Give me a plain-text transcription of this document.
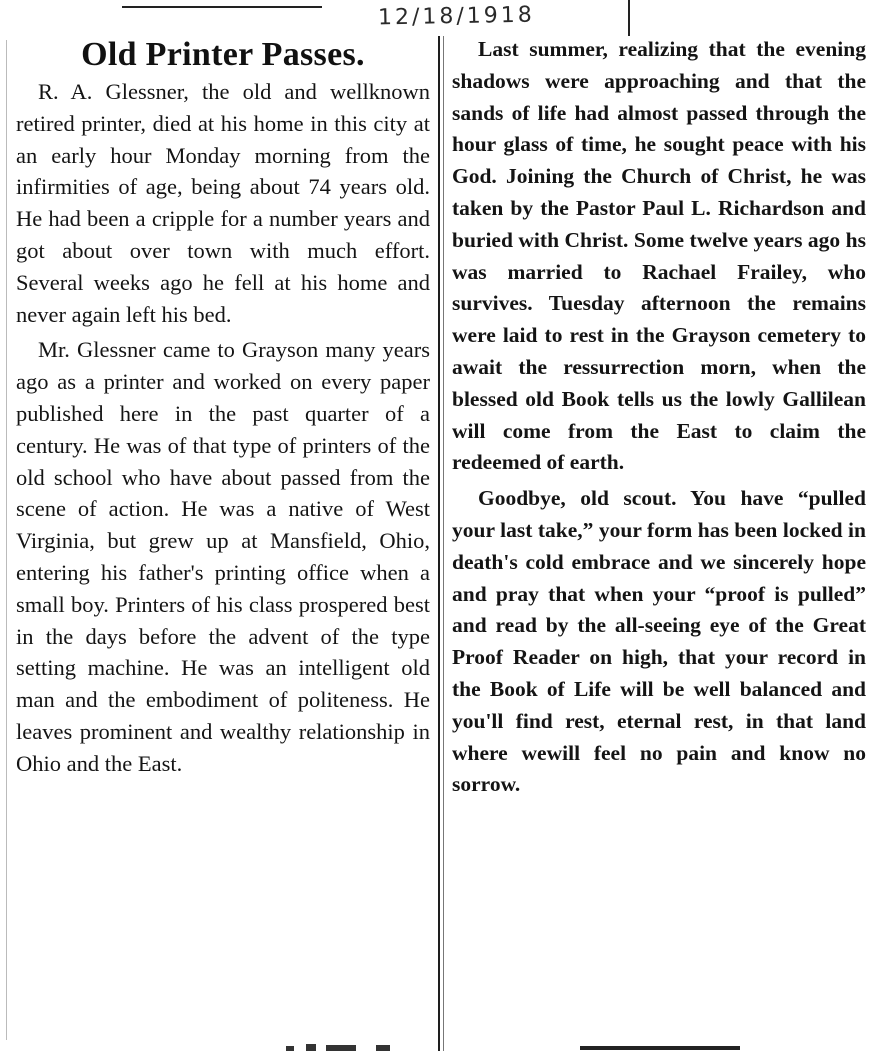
12/18/1918
Old Printer Passes.

R. A. Glessner, the old and wellknown retired printer, died at his home in this city at an early hour Monday morning from the infirmities of age, being about 74 years old. He had been a cripple for a number years and got about over town with much effort. Several weeks ago he fell at his home and never again left his bed.

Mr. Glessner came to Grayson many years ago as a printer and worked on every paper published here in the past quarter of a century. He was of that type of printers of the old school who have about passed from the scene of action. He was a native of West Virginia, but grew up at Mansfield, Ohio, entering his father's printing office when a small boy. Printers of his class prospered best in the days before the advent of the type setting machine. He was an intelligent old man and the embodiment of politeness. He leaves prominent and wealthy relationship in Ohio and the East.

Last summer, realizing that the evening shadows were approaching and that the sands of life had almost passed through the hour glass of time, he sought peace with his God. Joining the Church of Christ, he was taken by the Pastor Paul L. Richardson and buried with Christ. Some twelve years ago hs was married to Rachael Frailey, who survives. Tuesday afternoon the remains were laid to rest in the Grayson cemetery to await the ressurrection morn, when the blessed old Book tells us the lowly Gallilean will come from the East to claim the redeemed of earth.

Goodbye, old scout. You have “pulled your last take,” your form has been locked in death's cold embrace and we sincerely hope and pray that when your “proof is pulled” and read by the all-seeing eye of the Great Proof Reader on high, that your record in the Book of Life will be well balanced and you'll find rest, eternal rest, in that land where wewill feel no pain and know no sorrow.
